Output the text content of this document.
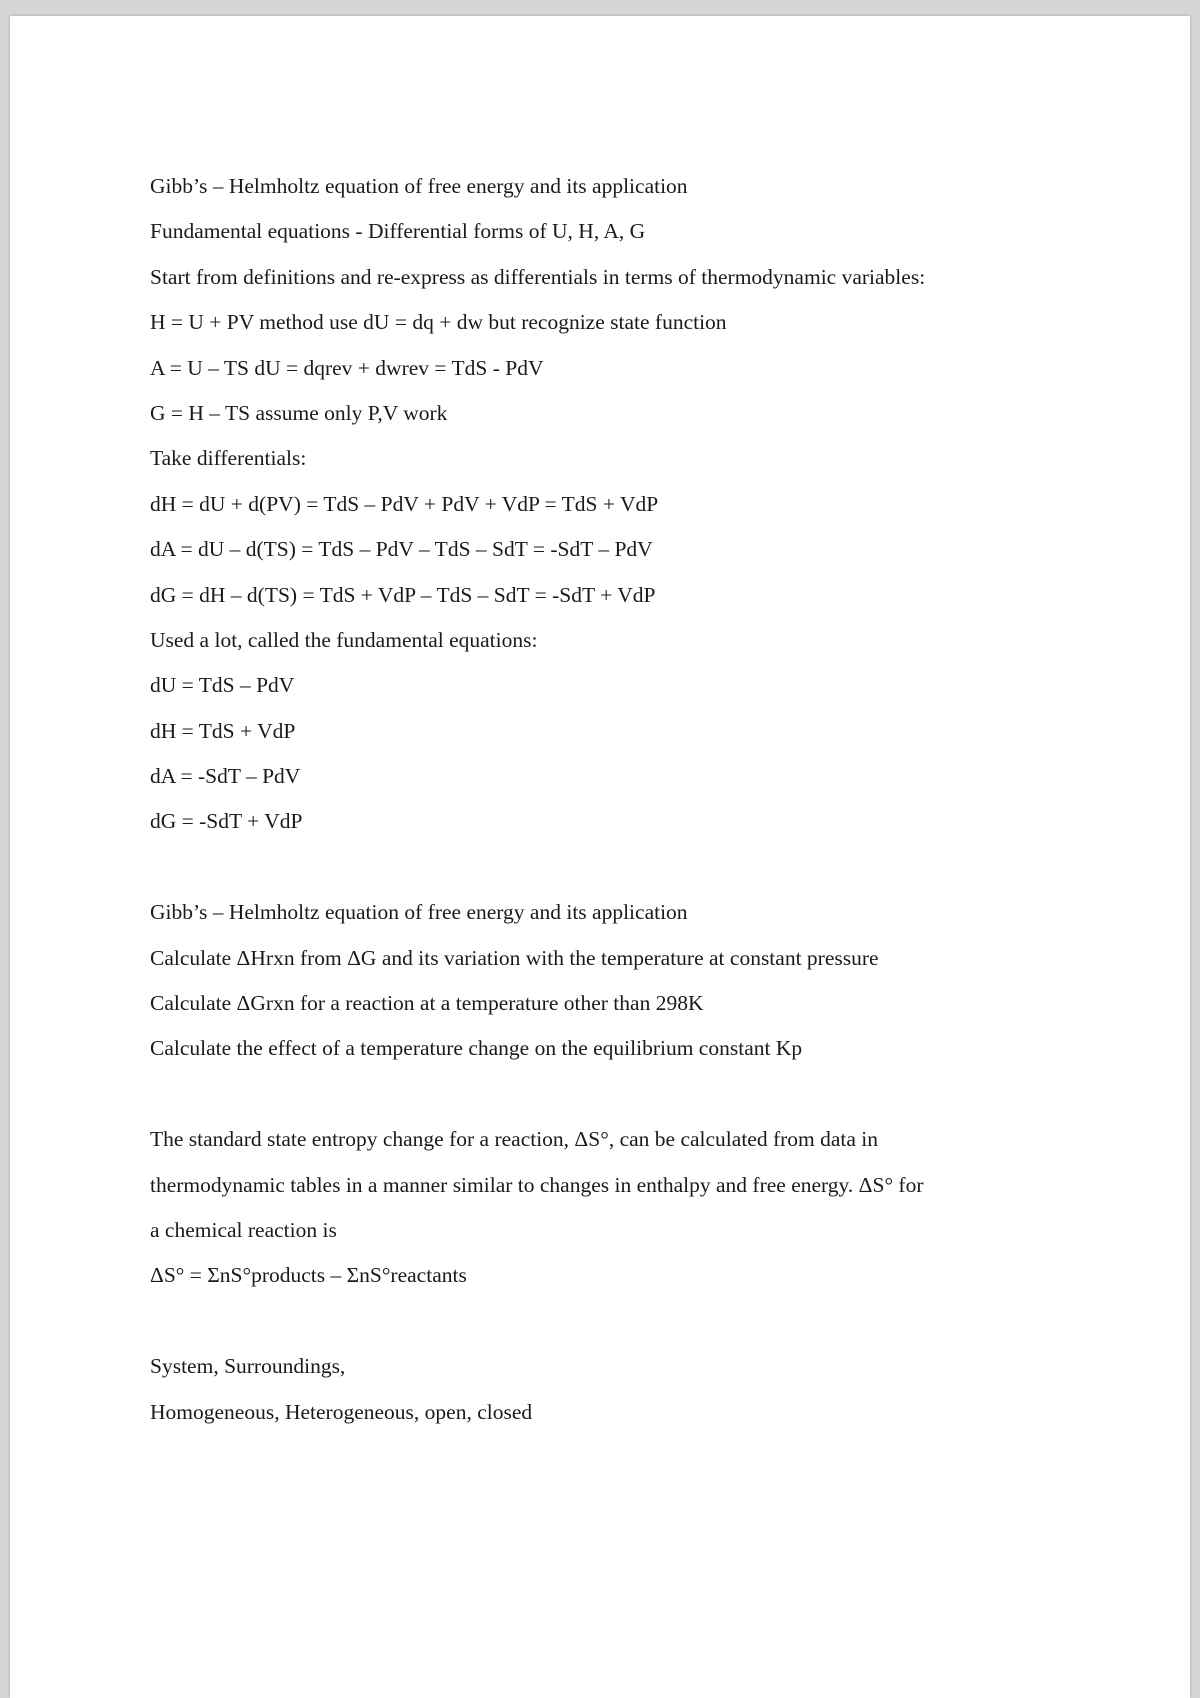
Gibb’s – Helmholtz equation of free energy and its application
Fundamental equations - Differential forms of U, H, A, G
Start from definitions and re-express as differentials in terms of thermodynamic variables:
H = U + PV method use dU = dq + dw but recognize state function
A = U – TS dU = dqrev + dwrev = TdS - PdV
G = H – TS assume only P,V work
Take differentials:
dH = dU + d(PV) = TdS – PdV + PdV + VdP = TdS + VdP
dA = dU – d(TS) = TdS – PdV – TdS – SdT = -SdT – PdV
dG = dH – d(TS) = TdS + VdP – TdS – SdT = -SdT + VdP
Used a lot, called the fundamental equations:
dU = TdS – PdV
dH = TdS + VdP
dA = -SdT – PdV
dG = -SdT + VdP
Gibb’s – Helmholtz equation of free energy and its application
Calculate ΔHrxn from ΔG and its variation with the temperature at constant pressure
Calculate ΔGrxn for a reaction at a temperature other than 298K
Calculate the effect of a temperature change on the equilibrium constant Kp
The standard state entropy change for a reaction, ΔS°, can be calculated from data in
thermodynamic tables in a manner similar to changes in enthalpy and free energy. ΔS° for
a chemical reaction is
ΔS° = ΣnS°products – ΣnS°reactants
System, Surroundings,
Homogeneous, Heterogeneous, open, closed
